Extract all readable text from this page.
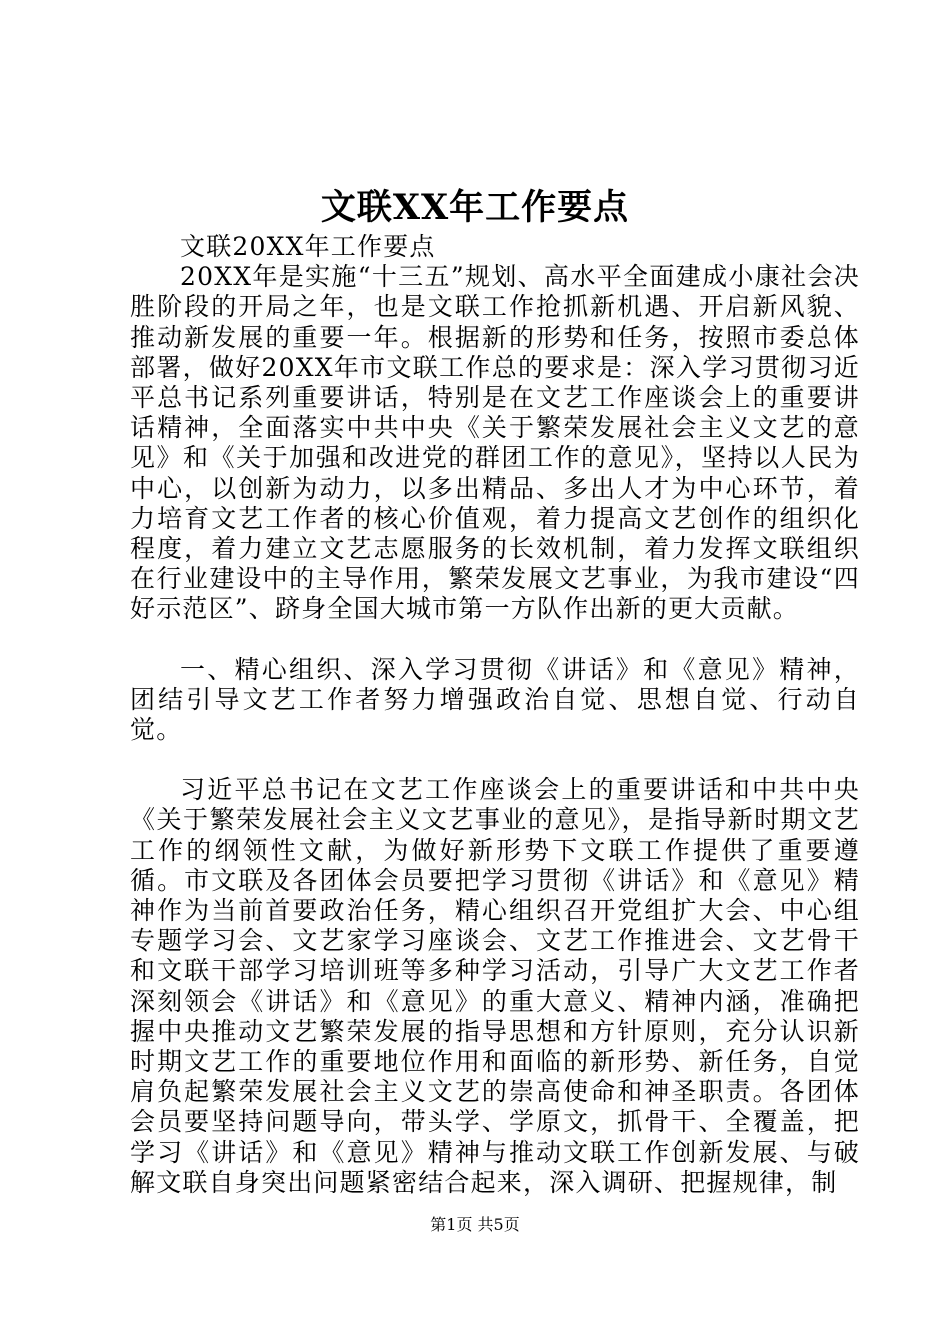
文联XX年工作要点

文联20XX年工作要点

20XX年是实施“十三五”规划、高水平全面建成小康社会决胜阶段的开局之年，也是文联工作抢抓新机遇、开启新风貌、推动新发展的重要一年。根据新的形势和任务，按照市委总体部署，做好20XX年市文联工作总的要求是：深入学习贯彻习近平总书记系列重要讲话，特别是在文艺工作座谈会上的重要讲话精神，全面落实中共中央《关于繁荣发展社会主义文艺的意见》和《关于加强和改进党的群团工作的意见》，坚持以人民为中心，以创新为动力，以多出精品、多出人才为中心环节，着力培育文艺工作者的核心价值观，着力提高文艺创作的组织化程度，着力建立文艺志愿服务的长效机制，着力发挥文联组织在行业建设中的主导作用，繁荣发展文艺事业，为我市建设“四好示范区”、跻身全国大城市第一方队作出新的更大贡献。

一、精心组织、深入学习贯彻《讲话》和《意见》精神，团结引导文艺工作者努力增强政治自觉、思想自觉、行动自觉。

习近平总书记在文艺工作座谈会上的重要讲话和中共中央《关于繁荣发展社会主义文艺事业的意见》，是指导新时期文艺工作的纲领性文献，为做好新形势下文联工作提供了重要遵循。市文联及各团体会员要把学习贯彻《讲话》和《意见》精神作为当前首要政治任务，精心组织召开党组扩大会、中心组专题学习会、文艺家学习座谈会、文艺工作推进会、文艺骨干和文联干部学习培训班等多种学习活动，引导广大文艺工作者深刻领会《讲话》和《意见》的重大意义、精神内涵，准确把握中央推动文艺繁荣发展的指导思想和方针原则，充分认识新时期文艺工作的重要地位作用和面临的新形势、新任务，自觉肩负起繁荣发展社会主义文艺的崇高使命和神圣职责。各团体会员要坚持问题导向，带头学、学原文，抓骨干、全覆盖，把学习《讲话》和《意见》精神与推动文联工作创新发展、与破解文联自身突出问题紧密结合起来，深入调研、把握规律，制

第1页 共5页
